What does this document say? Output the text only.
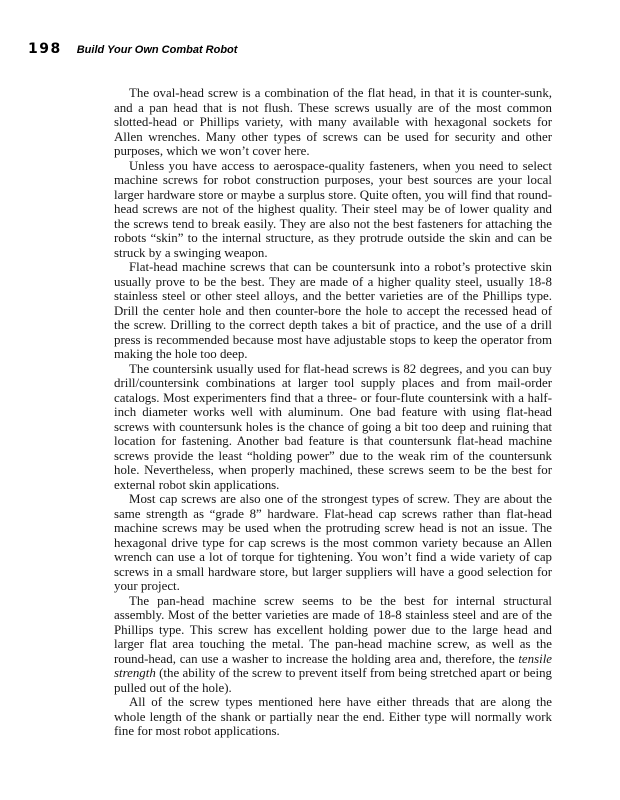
198 Build Your Own Combat Robot

The oval-head screw is a combination of the flat head, in that it is counter-sunk, and a pan head that is not flush. These screws usually are of the most common slotted-head or Phillips variety, with many available with hexagonal sockets for Allen wrenches. Many other types of screws can be used for security and other purposes, which we won’t cover here.

Unless you have access to aerospace-quality fasteners, when you need to select machine screws for robot construction purposes, your best sources are your local larger hardware store or maybe a surplus store. Quite often, you will find that round-head screws are not of the highest quality. Their steel may be of lower quality and the screws tend to break easily. They are also not the best fasteners for attaching the robots “skin” to the internal structure, as they protrude outside the skin and can be struck by a swinging weapon.

Flat-head machine screws that can be countersunk into a robot’s protective skin usually prove to be the best. They are made of a higher quality steel, usually 18-8 stainless steel or other steel alloys, and the better varieties are of the Phillips type. Drill the center hole and then counter-bore the hole to accept the recessed head of the screw. Drilling to the correct depth takes a bit of practice, and the use of a drill press is recommended because most have adjustable stops to keep the operator from making the hole too deep.

The countersink usually used for flat-head screws is 82 degrees, and you can buy drill/countersink combinations at larger tool supply places and from mail-order catalogs. Most experimenters find that a three- or four-flute countersink with a half-inch diameter works well with aluminum. One bad feature with using flat-head screws with countersunk holes is the chance of going a bit too deep and ruining that location for fastening. Another bad feature is that countersunk flat-head machine screws provide the least “holding power” due to the weak rim of the countersunk hole. Nevertheless, when properly machined, these screws seem to be the best for external robot skin applications.

Most cap screws are also one of the strongest types of screw. They are about the same strength as “grade 8” hardware. Flat-head cap screws rather than flat-head machine screws may be used when the protruding screw head is not an issue. The hexagonal drive type for cap screws is the most common variety because an Allen wrench can use a lot of torque for tightening. You won’t find a wide variety of cap screws in a small hardware store, but larger suppliers will have a good selection for your project.

The pan-head machine screw seems to be the best for internal structural assembly. Most of the better varieties are made of 18-8 stainless steel and are of the Phillips type. This screw has excellent holding power due to the large head and larger flat area touching the metal. The pan-head machine screw, as well as the round-head, can use a washer to increase the holding area and, therefore, the tensile strength (the ability of the screw to prevent itself from being stretched apart or being pulled out of the hole).

All of the screw types mentioned here have either threads that are along the whole length of the shank or partially near the end. Either type will normally work fine for most robot applications.
